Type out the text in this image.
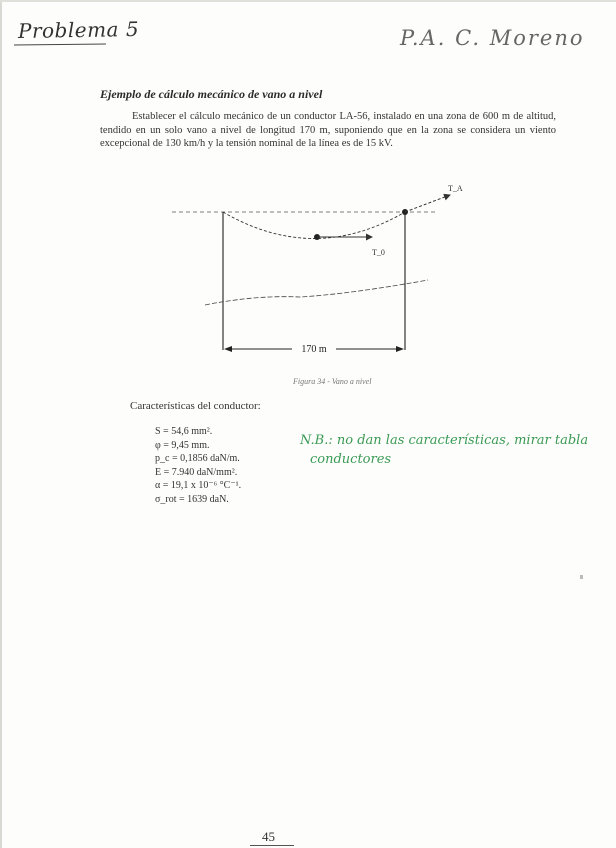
Problema 5	P.A. C. Moreno
Ejemplo de cálculo mecánico de vano a nivel
Establecer el cálculo mecánico de un conductor LA-56, instalado en una zona de 600 m de altitud, tendido en un solo vano a nivel de longitud 170 m, suponiendo que en la zona se considera un viento excepcional de 130 km/h y la tensión nominal de la línea es de 15 kV.
T_A
T_0
170 m
Figura 34 - Vano a nivel
Características del conductor:
S = 54,6 mm².
φ = 9,45 mm.
p_c = 0,1856 daN/m.
E = 7.940 daN/mm².
α = 19,1 x 10⁻⁶ °C⁻¹.
σ_rot = 1639 daN.
N.B.: no dan las características, mirar tabla
conductores
45
